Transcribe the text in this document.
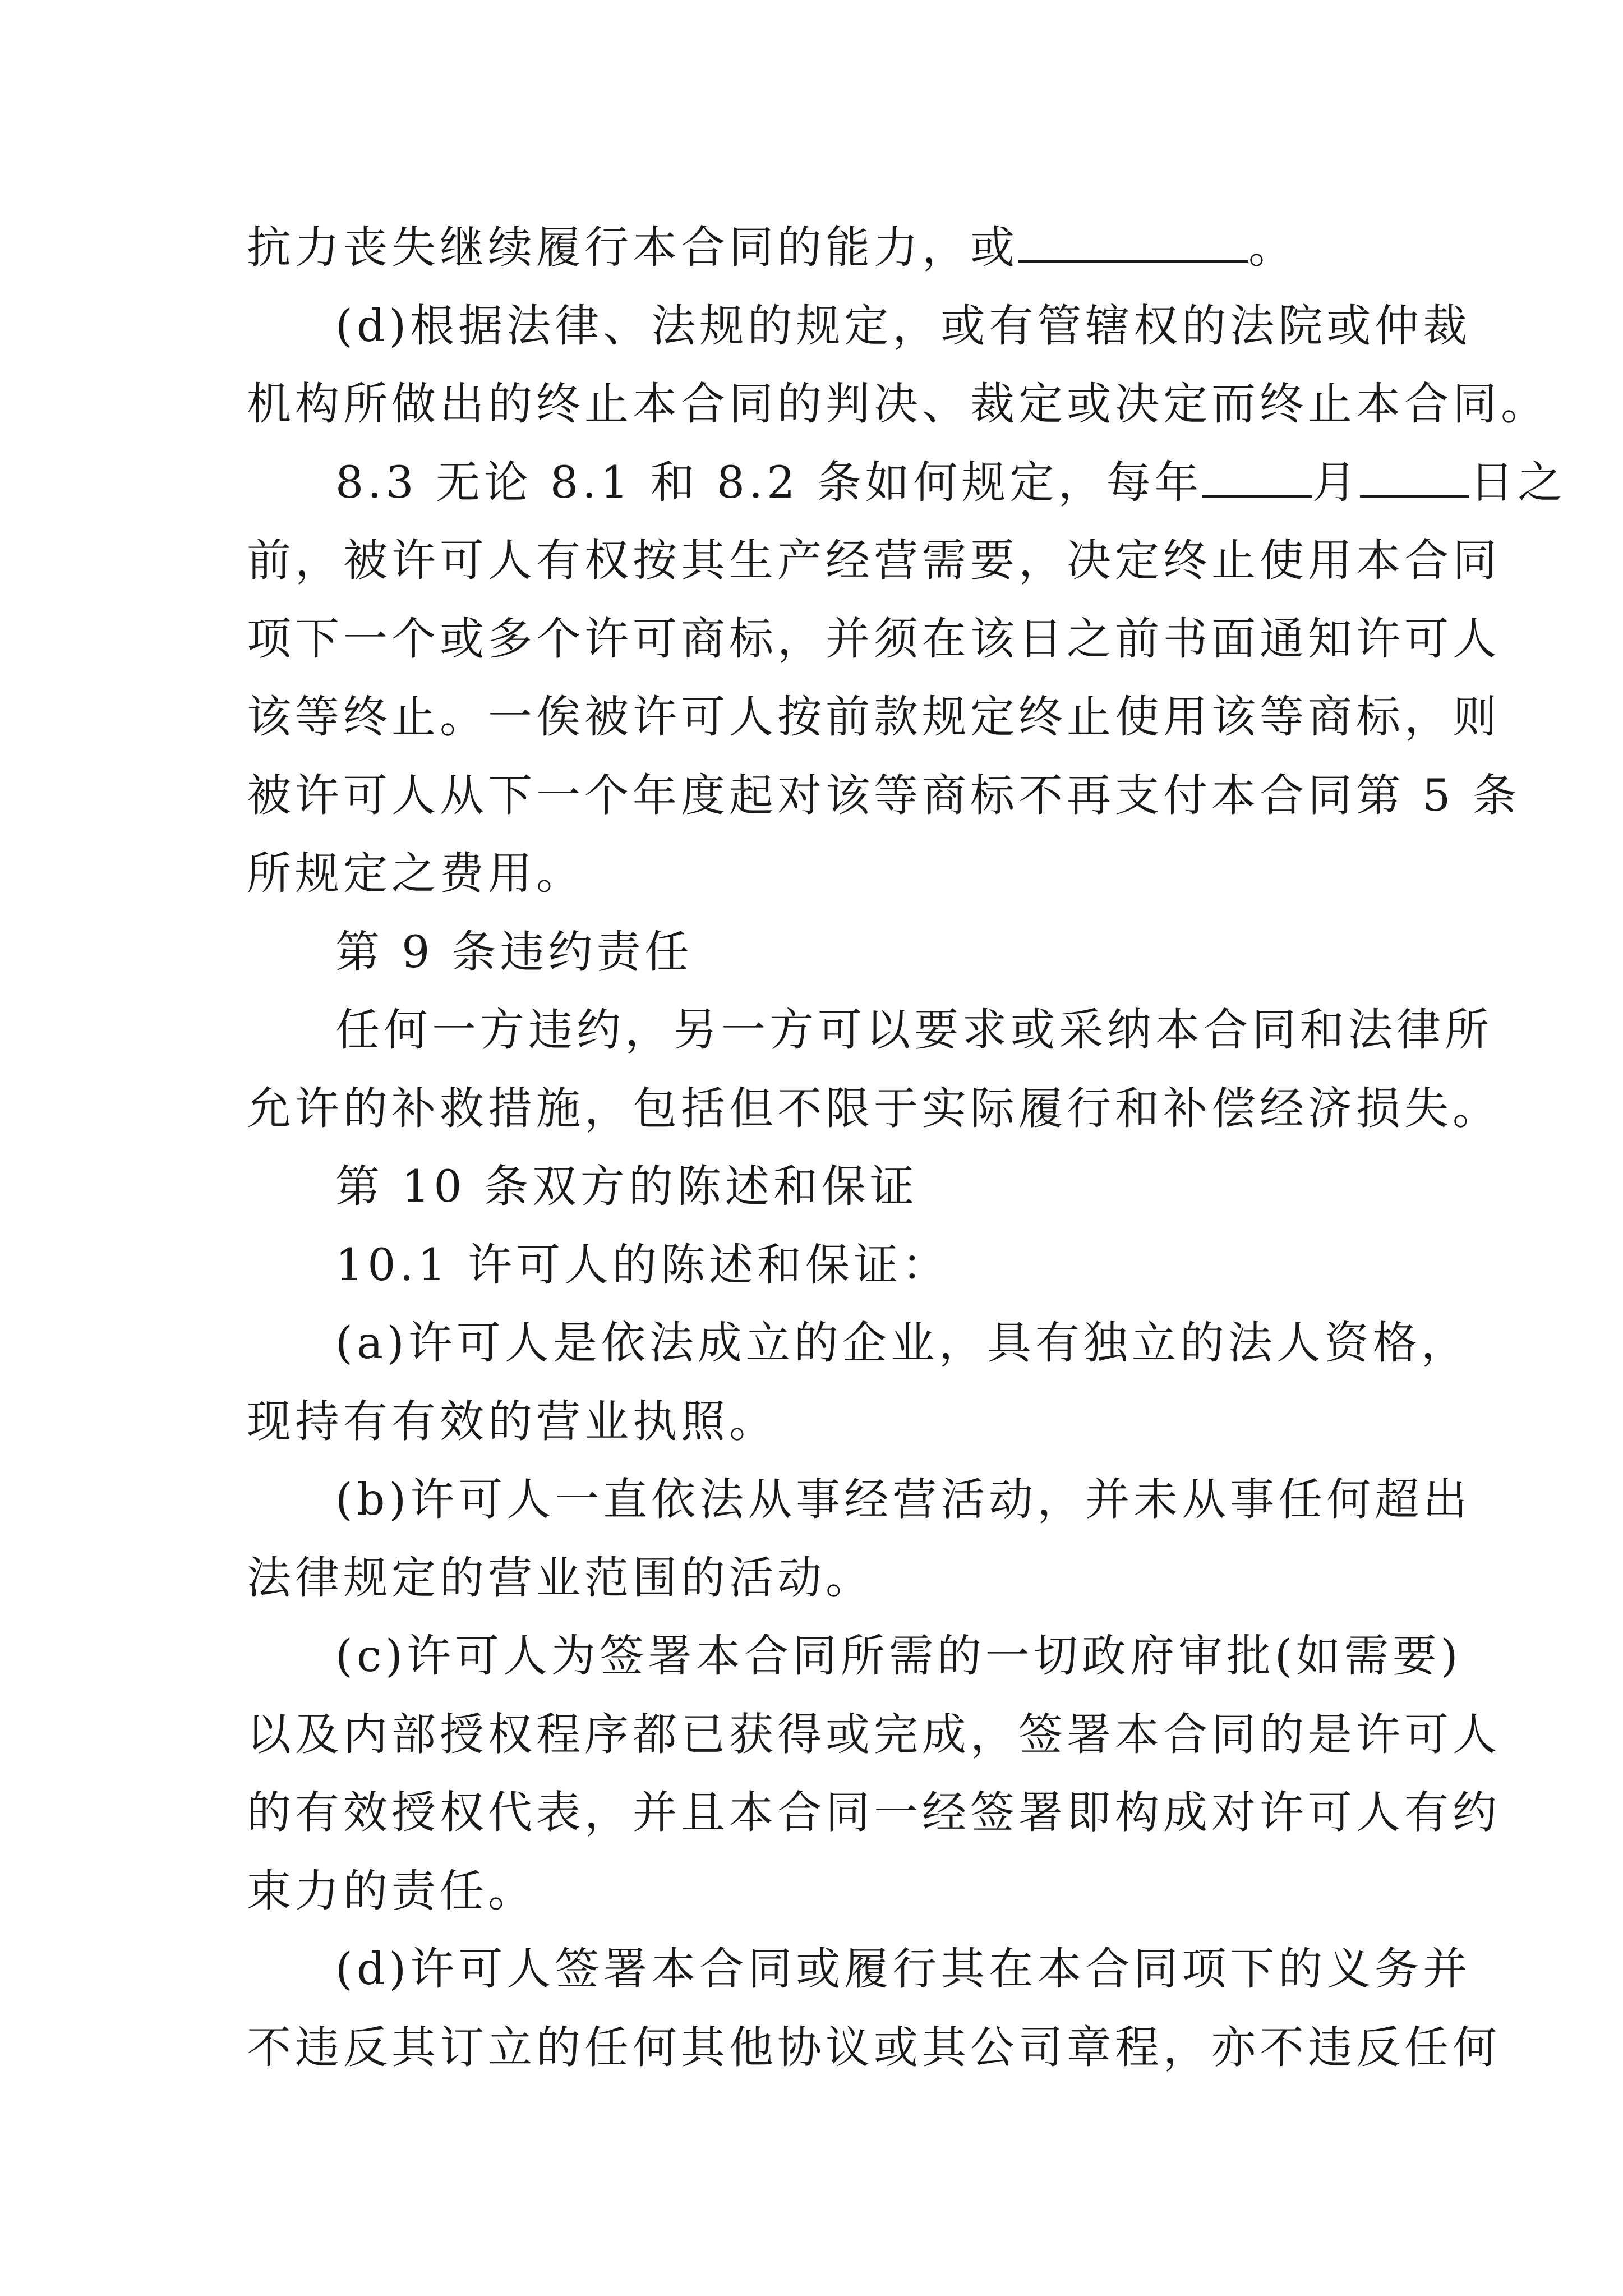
抗力丧失继续履行本合同的能力，或	。
(d)根据法律、法规的规定，或有管辖权的法院或仲裁
机构所做出的终止本合同的判决、裁定或决定而终止本合同。
8.3 无论 8.1 和 8.2 条如何规定，每年 月 日之
前，被许可人有权按其生产经营需要，决定终止使用本合同
项下一个或多个许可商标，并须在该日之前书面通知许可人
该等终止。一俟被许可人按前款规定终止使用该等商标，则
被许可人从下一个年度起对该等商标不再支付本合同第 5 条
所规定之费用。
第 9 条违约责任
任何一方违约，另一方可以要求或采纳本合同和法律所
允许的补救措施，包括但不限于实际履行和补偿经济损失。
第 10 条双方的陈述和保证
10.1 许可人的陈述和保证：
(a)许可人是依法成立的企业，具有独立的法人资格，
现持有有效的营业执照。
(b)许可人一直依法从事经营活动，并未从事任何超出
法律规定的营业范围的活动。
(c)许可人为签署本合同所需的一切政府审批(如需要)
以及内部授权程序都已获得或完成，签署本合同的是许可人
的有效授权代表，并且本合同一经签署即构成对许可人有约
束力的责任。
(d)许可人签署本合同或履行其在本合同项下的义务并
不违反其订立的任何其他协议或其公司章程，亦不违反任何
